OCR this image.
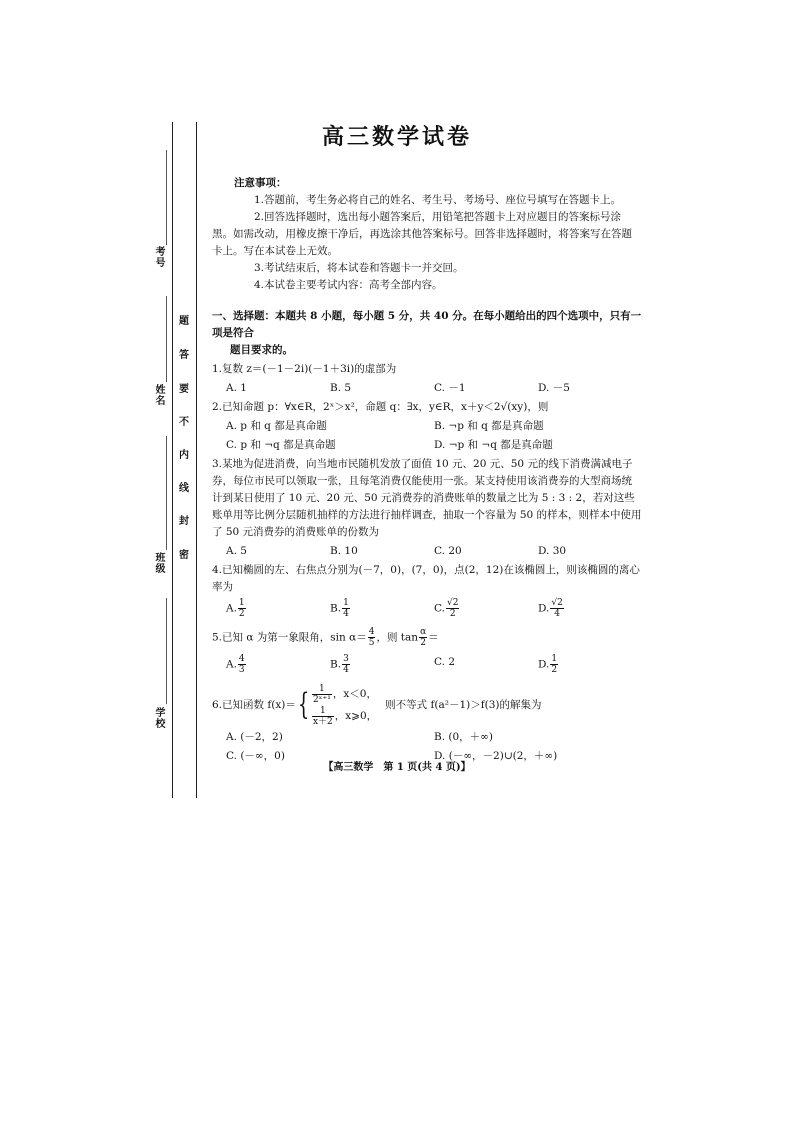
考号
姓名
班级
学校
题
答
要
不
内
线
封
密
高三数学试卷
注意事项：

1.答题前，考生务必将自己的姓名、考生号、考场号、座位号填写在答题卡上。

2.回答选择题时，选出每小题答案后，用铅笔把答题卡上对应题目的答案标号涂黑。如需改动，用橡皮擦干净后，再选涂其他答案标号。回答非选择题时，将答案写在答题卡上。写在本试卷上无效。

3.考试结束后，将本试卷和答题卡一并交回。

4.本试卷主要考试内容：高考全部内容。

一、选择题：本题共 8 小题，每小题 5 分，共 40 分。在每小题给出的四个选项中，只有一项是符合
题目要求的。
1.复数 z＝(－1－2i)(－1＋3i)的虚部为
A. 1	B. 5	C. －1	D. －5
2.已知命题 p：∀x∈R，2ˣ＞x²，命题 q：∃x，y∈R，x＋y＜2√(xy)，则
A. p 和 q 都是真命题	B. ¬p 和 q 都是真命题
C. p 和 ¬q 都是真命题	D. ¬p 和 ¬q 都是真命题
3.某地为促进消费，向当地市民随机发放了面值 10 元、20 元、50 元的线下消费满减电子券，每位市民可以领取一张，且每笔消费仅能使用一张。某支持使用该消费券的大型商场统计到某日使用了 10 元、20 元、50 元消费券的消费账单的数量之比为 5 : 3 : 2，若对这些账单用等比例分层随机抽样的方法进行抽样调查，抽取一个容量为 50 的样本，则样本中使用了 50 元消费券的消费账单的份数为
A. 5	B. 10	C. 20	D. 30
4.已知椭圆的左、右焦点分别为(－7，0)，(7，0)，点(2，12)在该椭圆上，则该椭圆的离心率为
A. $\frac{1}{2}$	B. $\frac{1}{4}$	C. $\frac{√2}{2}$	D. $\frac{√2}{4}$
5.已知 α 为第一象限角，$\sin \alpha= \frac{4}{5}$ ，则 $\tan \frac{\alpha}{2}$ ＝
A. $\frac{4}{3}$	B. $\frac{3}{4}$	C. 2	D. $\frac{1}{2}$
6.已知函数 f(x)＝ { $\frac{1}{\text{2ˣ⁺¹}}$ ，x＜0，
$\frac{1}{x+2}$ ，x⩾0，
则不等式 f(a²－1)＞f(3)的解集为
A. (－2，2)	B. (0，＋∞)
C. (－∞，0)	D. (－∞，－2)∪(2，＋∞)
【高三数学　第 1 页(共 4 页)】
